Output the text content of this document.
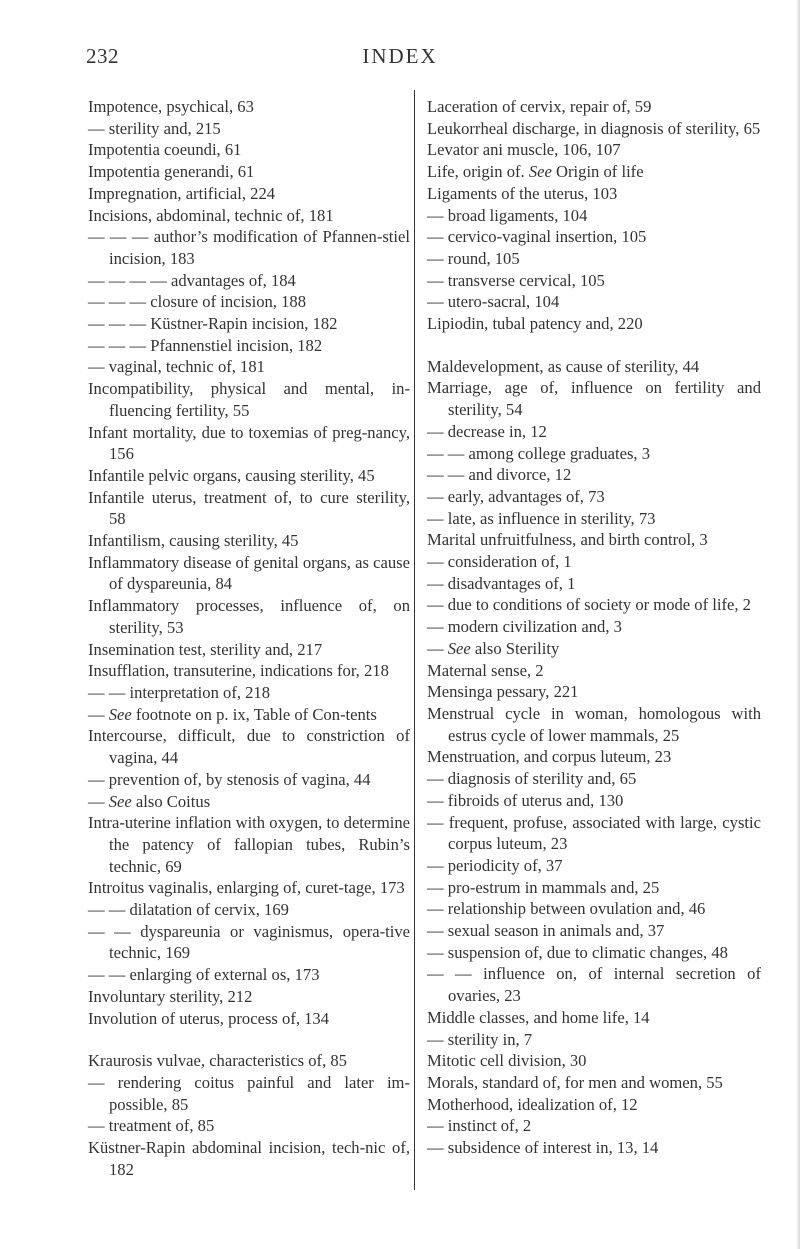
INDEX
232
Impotence, psychical, 63
— sterility and, 215
Impotentia coeundi, 61
Impotentia generandi, 61
Impregnation, artificial, 224
Incisions, abdominal, technic of, 181
— — — author’s modification of Pfannen-stiel incision, 183
— — — — advantages of, 184
— — — closure of incision, 188
— — — Küstner-Rapin incision, 182
— — — Pfannenstiel incision, 182
— vaginal, technic of, 181
Incompatibility, physical and mental, in-fluencing fertility, 55
Infant mortality, due to toxemias of preg-nancy, 156
Infantile pelvic organs, causing sterility, 45
Infantile uterus, treatment of, to cure sterility, 58
Infantilism, causing sterility, 45
Inflammatory disease of genital organs, as cause of dyspareunia, 84
Inflammatory processes, influence of, on sterility, 53
Insemination test, sterility and, 217
Insufflation, transuterine, indications for, 218
— — interpretation of, 218
— See footnote on p. ix, Table of Con-tents
Intercourse, difficult, due to constriction of vagina, 44
— prevention of, by stenosis of vagina, 44
— See also Coitus
Intra-uterine inflation with oxygen, to determine the patency of fallopian tubes, Rubin’s technic, 69
Introitus vaginalis, enlarging of, curet-tage, 173
— — dilatation of cervix, 169
— — dyspareunia or vaginismus, opera-tive technic, 169
— — enlarging of external os, 173
Involuntary sterility, 212
Involution of uterus, process of, 134
Kraurosis vulvae, characteristics of, 85
— rendering coitus painful and later im-possible, 85
— treatment of, 85
Küstner-Rapin abdominal incision, tech-nic of, 182
Laceration of cervix, repair of, 59
Leukorrheal discharge, in diagnosis of sterility, 65
Levator ani muscle, 106, 107
Life, origin of. See Origin of life
Ligaments of the uterus, 103
— broad ligaments, 104
— cervico-vaginal insertion, 105
— round, 105
— transverse cervical, 105
— utero-sacral, 104
Lipiodin, tubal patency and, 220
Maldevelopment, as cause of sterility, 44
Marriage, age of, influence on fertility and sterility, 54
— decrease in, 12
— — among college graduates, 3
— — and divorce, 12
— early, advantages of, 73
— late, as influence in sterility, 73
Marital unfruitfulness, and birth control, 3
— consideration of, 1
— disadvantages of, 1
— due to conditions of society or mode of life, 2
— modern civilization and, 3
— See also Sterility
Maternal sense, 2
Mensinga pessary, 221
Menstrual cycle in woman, homologous with estrus cycle of lower mammals, 25
Menstruation, and corpus luteum, 23
— diagnosis of sterility and, 65
— fibroids of uterus and, 130
— frequent, profuse, associated with large, cystic corpus luteum, 23
— periodicity of, 37
— pro-estrum in mammals and, 25
— relationship between ovulation and, 46
— sexual season in animals and, 37
— suspension of, due to climatic changes, 48
— — influence on, of internal secretion of ovaries, 23
Middle classes, and home life, 14
— sterility in, 7
Mitotic cell division, 30
Morals, standard of, for men and women, 55
Motherhood, idealization of, 12
— instinct of, 2
— subsidence of interest in, 13, 14
